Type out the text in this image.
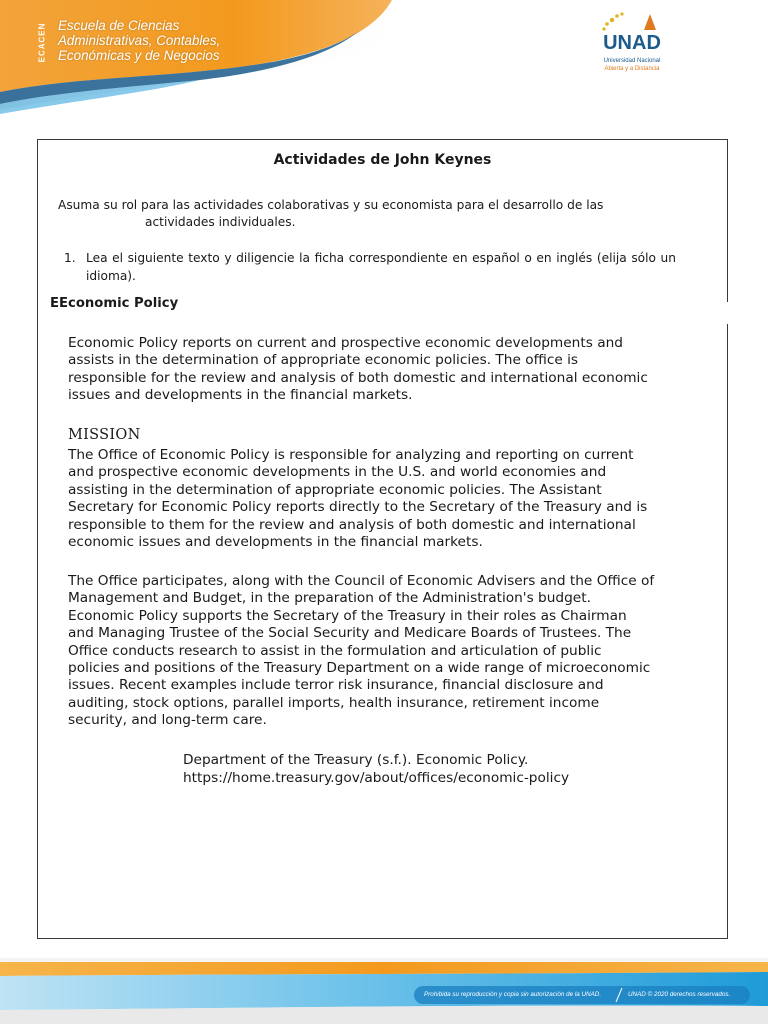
ECACEN Escuela de Ciencias
Administrativas, Contables,
Económicas y de Negocios
UNAD
Universidad Nacional
Abierta y a Distancia
Actividades de John Keynes
Asuma su rol para las actividades colaborativas y su economista para el desarrollo de las
actividades individuales.
1. Lea el siguiente texto y diligencie la ficha correspondiente en español o en inglés (elija sólo un idioma).
EEconomic Policy
Economic Policy reports on current and prospective economic developments and
assists in the determination of appropriate economic policies. The office is
responsible for the review and analysis of both domestic and international economic
issues and developments in the financial markets.
MISSION
The Office of Economic Policy is responsible for analyzing and reporting on current
and prospective economic developments in the U.S. and world economies and
assisting in the determination of appropriate economic policies. The Assistant
Secretary for Economic Policy reports directly to the Secretary of the Treasury and is
responsible to them for the review and analysis of both domestic and international
economic issues and developments in the financial markets.
The Office participates, along with the Council of Economic Advisers and the Office of
Management and Budget, in the preparation of the Administration's budget.
Economic Policy supports the Secretary of the Treasury in their roles as Chairman
and Managing Trustee of the Social Security and Medicare Boards of Trustees. The
Office conducts research to assist in the formulation and articulation of public
policies and positions of the Treasury Department on a wide range of microeconomic
issues. Recent examples include terror risk insurance, financial disclosure and
auditing, stock options, parallel imports, health insurance, retirement income
security, and long-term care.
Department of the Treasury (s.f.). Economic Policy.
https://home.treasury.gov/about/offices/economic-policy
Prohibida su reproducción y copia sin autorización de la UNAD.	UNAD © 2020 derechos reservados.
